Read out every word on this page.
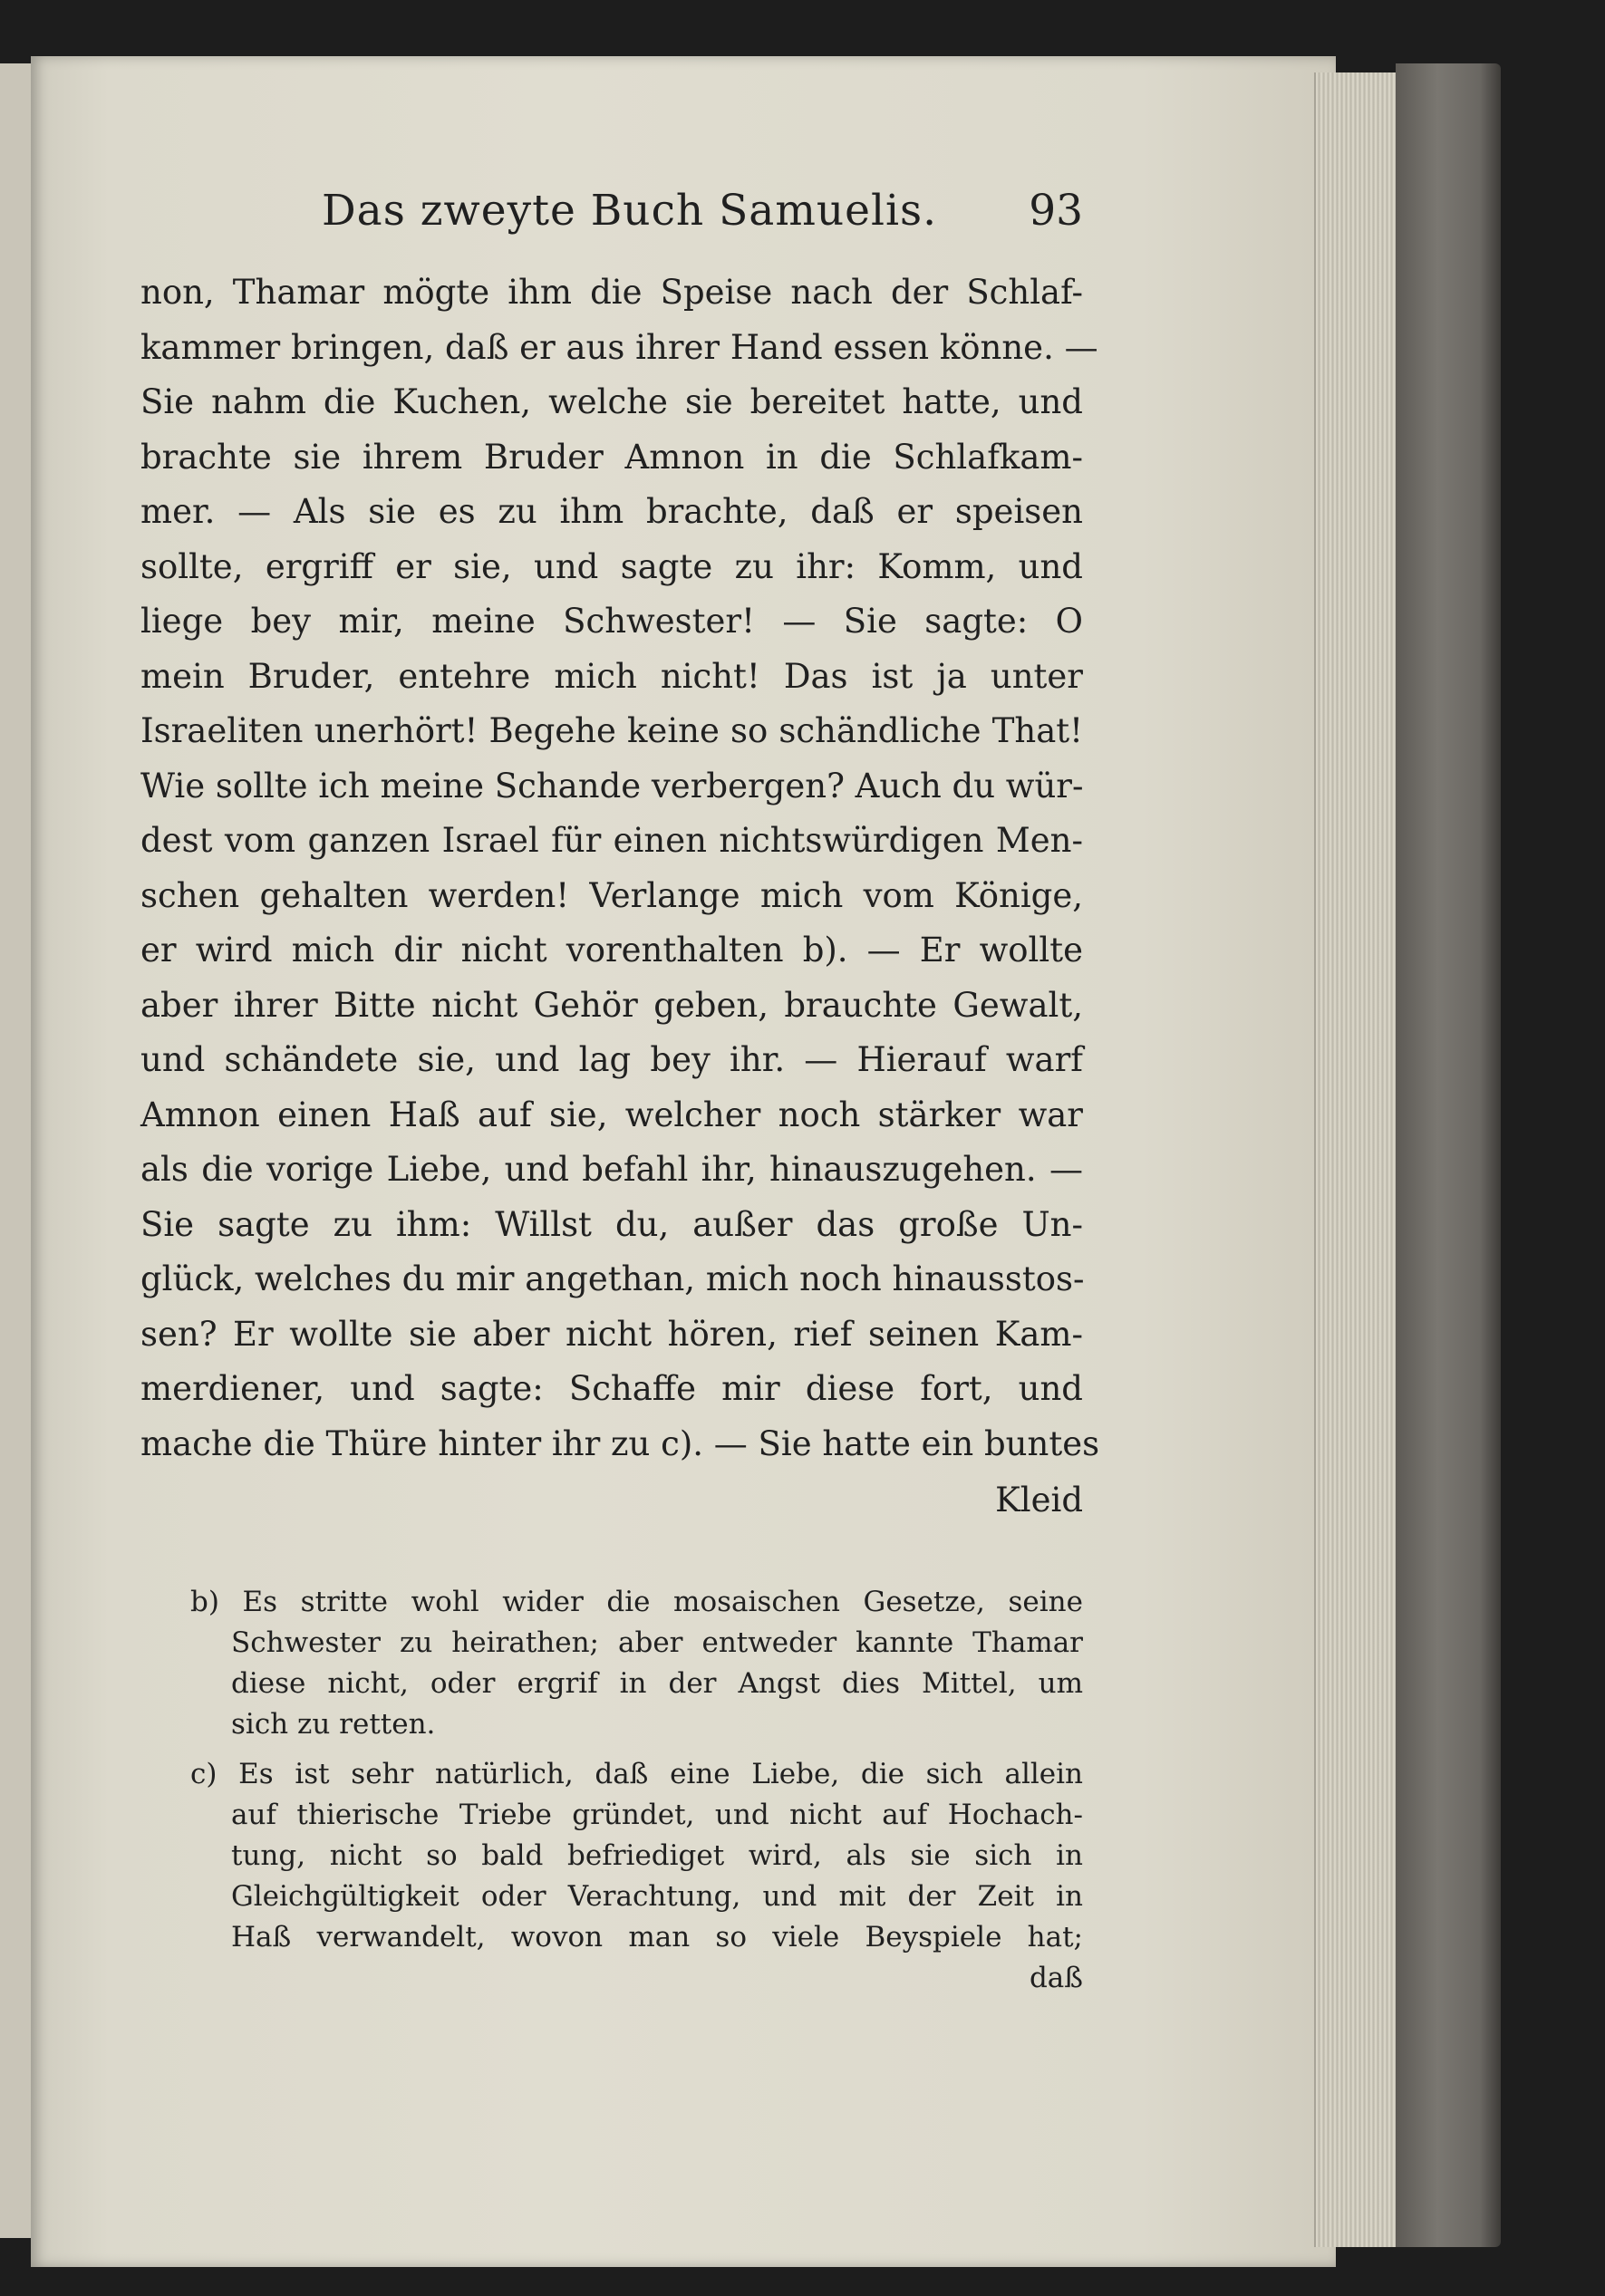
Das zweyte Buch Samuelis. 93
non, Thamar mögte ihm die Speise nach der Schlaf-
kammer bringen, daß er aus ihrer Hand essen könne. —
Sie nahm die Kuchen, welche sie bereitet hatte, und
brachte sie ihrem Bruder Amnon in die Schlafkam-
mer. — Als sie es zu ihm brachte, daß er speisen
sollte, ergriff er sie, und sagte zu ihr: Komm, und
liege bey mir, meine Schwester! — Sie sagte: O
mein Bruder, entehre mich nicht! Das ist ja unter
Israeliten unerhört! Begehe keine so schändliche That!
Wie sollte ich meine Schande verbergen? Auch du wür-
dest vom ganzen Israel für einen nichtswürdigen Men-
schen gehalten werden! Verlange mich vom Könige,
er wird mich dir nicht vorenthalten b). — Er wollte
aber ihrer Bitte nicht Gehör geben, brauchte Gewalt,
und schändete sie, und lag bey ihr. — Hierauf warf
Amnon einen Haß auf sie, welcher noch stärker war
als die vorige Liebe, und befahl ihr, hinauszugehen. —
Sie sagte zu ihm: Willst du, außer das große Un-
glück, welches du mir angethan, mich noch hinausstos-
sen? Er wollte sie aber nicht hören, rief seinen Kam-
merdiener, und sagte: Schaffe mir diese fort, und
mache die Thüre hinter ihr zu c). — Sie hatte ein buntes
Kleid
b) Es stritte wohl wider die mosaischen Gesetze, seine
Schwester zu heirathen; aber entweder kannte Thamar
diese nicht, oder ergrif in der Angst dies Mittel, um
sich zu retten.
c) Es ist sehr natürlich, daß eine Liebe, die sich allein
auf thierische Triebe gründet, und nicht auf Hochach-
tung, nicht so bald befriediget wird, als sie sich in
Gleichgültigkeit oder Verachtung, und mit der Zeit in
Haß verwandelt, wovon man so viele Beyspiele hat;
daß
